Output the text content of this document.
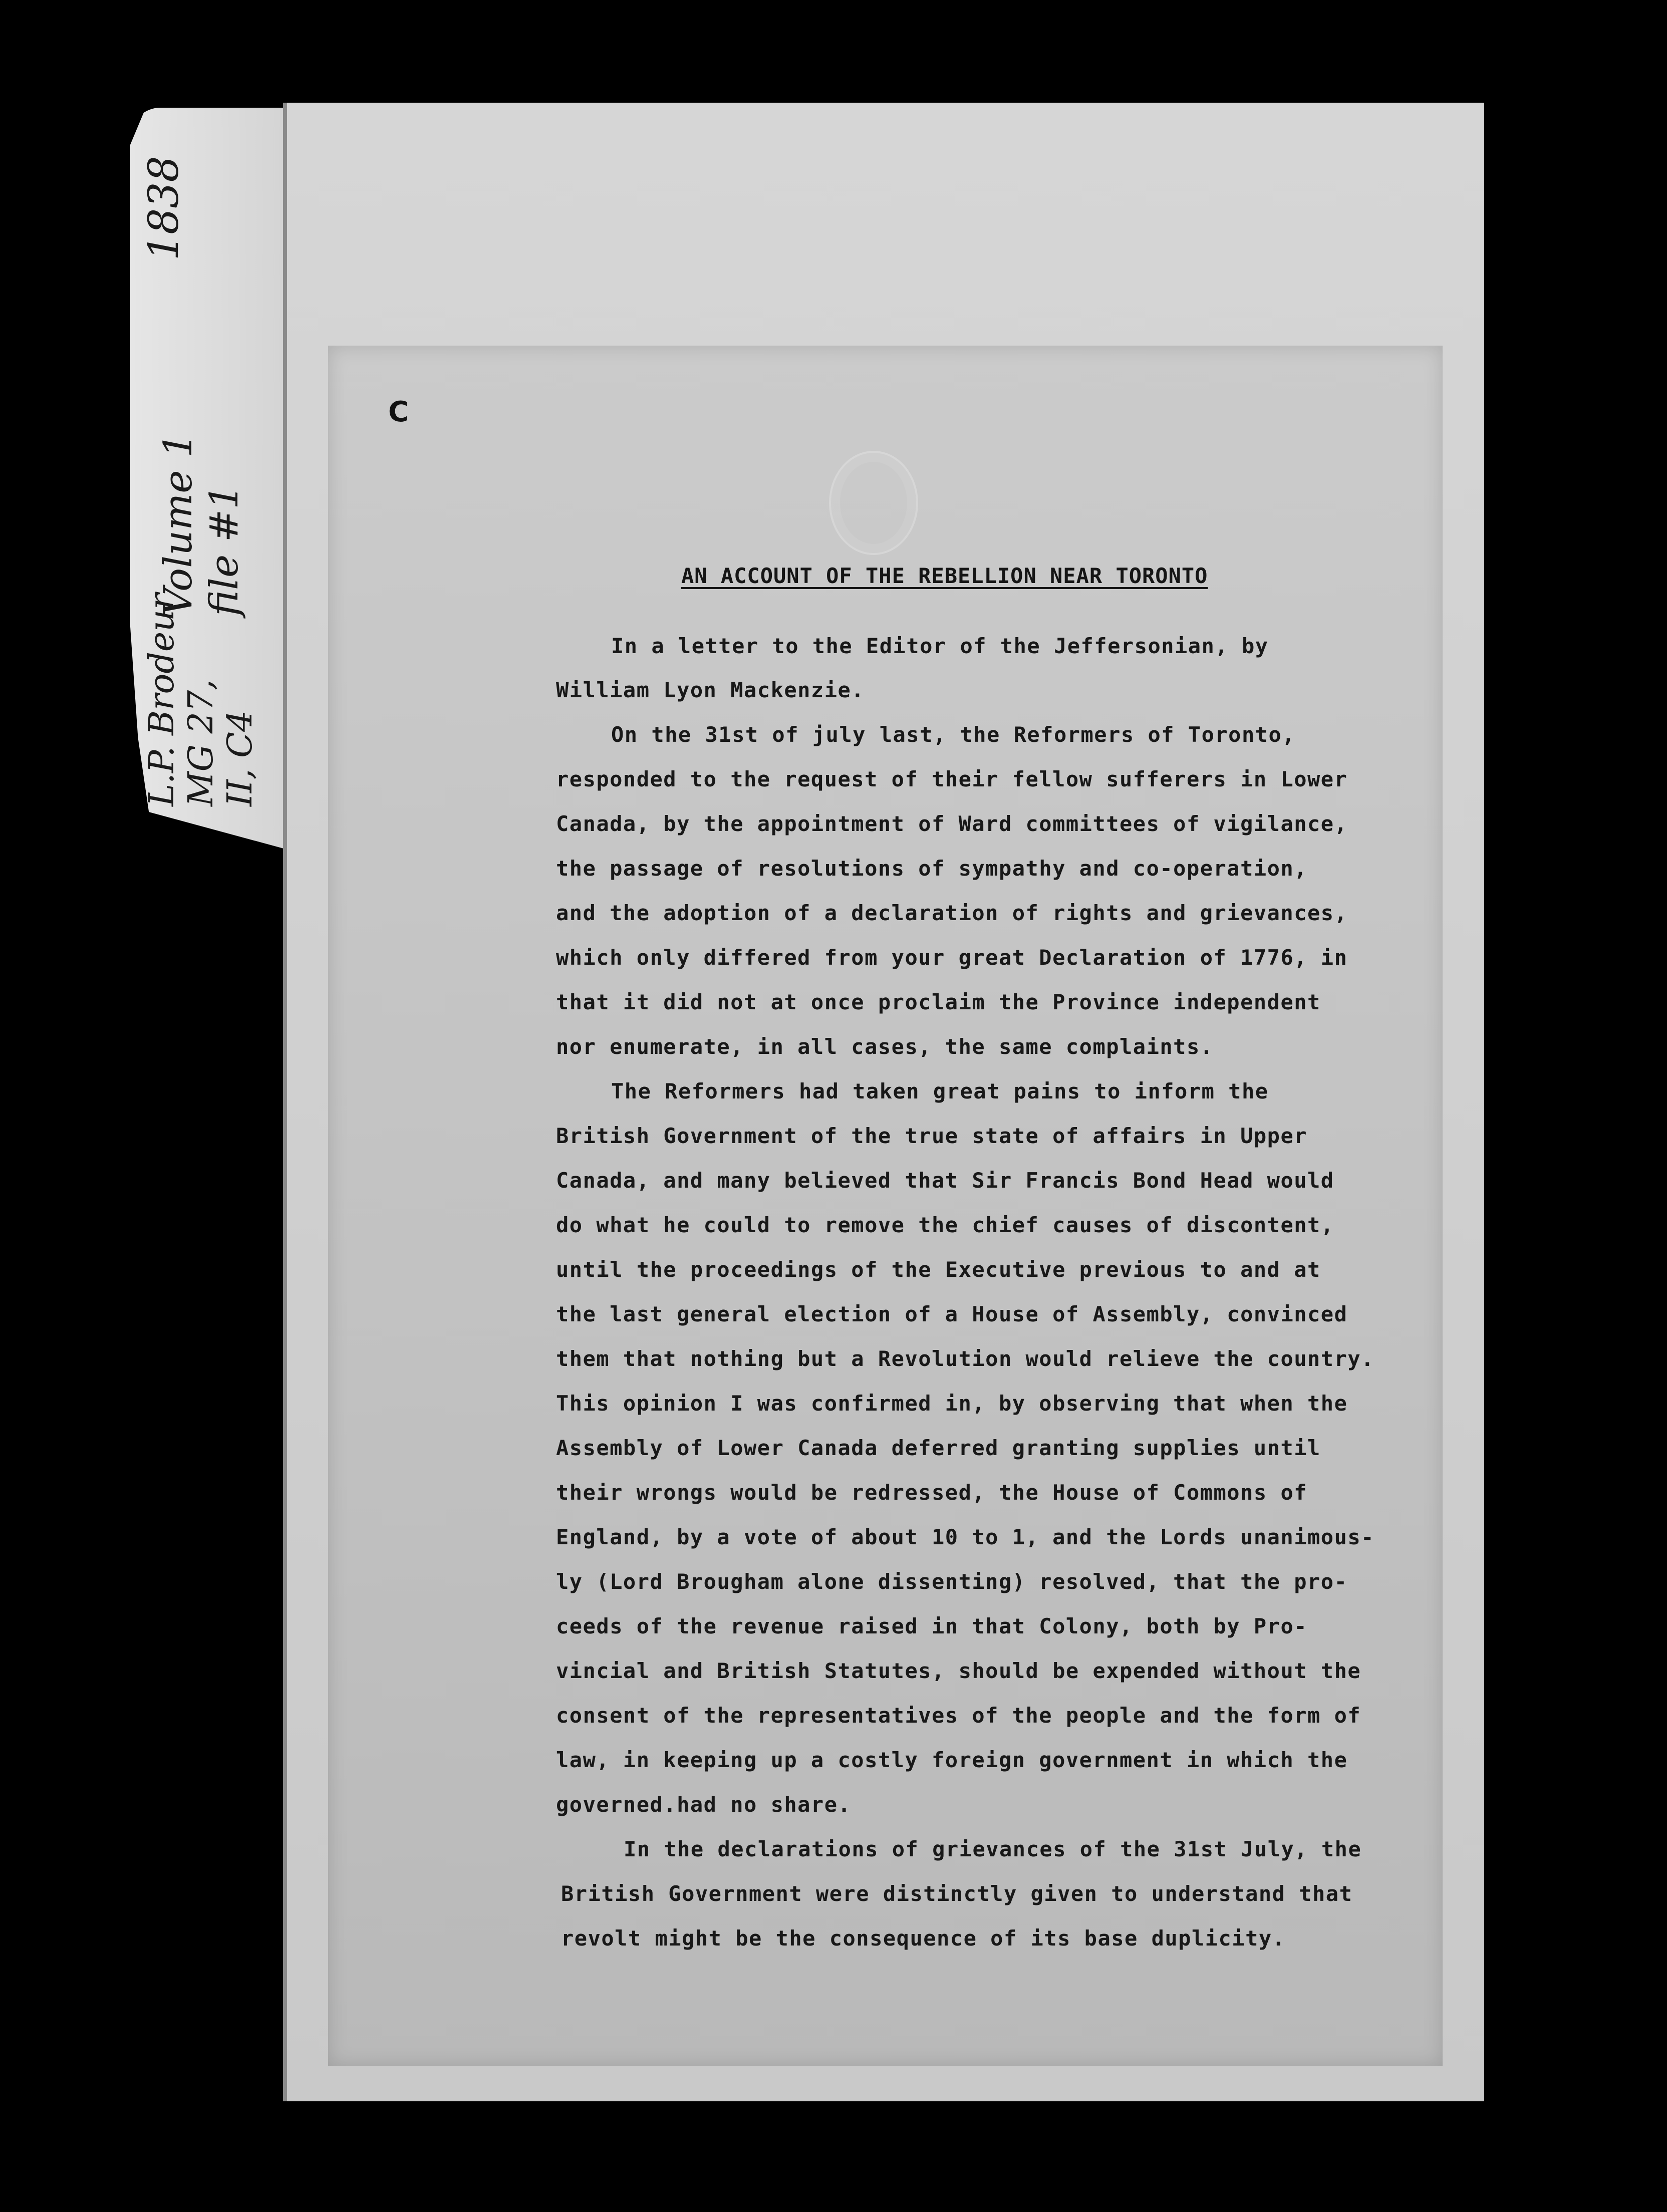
1838
Volume 1 file #1
L.P. Brodeur MG 27, II, C4
C
AN ACCOUNT OF THE REBELLION NEAR TORONTO
In a letter to the Editor of the Jeffersonian, by
William Lyon Mackenzie.
On the 31st of july last, the Reformers of Toronto,
responded to the request of their fellow sufferers in Lower
Canada, by the appointment of Ward committees of vigilance,
the passage of resolutions of sympathy and co-operation,
and the adoption of a declaration of rights and grievances,
which only differed from your great Declaration of 1776, in
that it did not at once proclaim the Province independent
nor enumerate, in all cases, the same complaints.
The Reformers had taken great pains to inform the
British Government of the true state of affairs in Upper
Canada, and many believed that Sir Francis Bond Head would
do what he could to remove the chief causes of discontent,
until the proceedings of the Executive previous to and at
the last general election of a House of Assembly, convinced
them that nothing but a Revolution would relieve the country.
This opinion I was confirmed in, by observing that when the
Assembly of Lower Canada deferred granting supplies until
their wrongs would be redressed, the House of Commons of
England, by a vote of about 10 to 1, and the Lords unanimous-
ly (Lord Brougham alone dissenting) resolved, that the pro-
ceeds of the revenue raised in that Colony, both by Pro-
vincial and British Statutes, should be expended without the
consent of the representatives of the people and the form of
law, in keeping up a costly foreign government in which the
governed.had no share.
In the declarations of grievances of the 31st July, the
British Government were distinctly given to understand that
revolt might be the consequence of its base duplicity.
